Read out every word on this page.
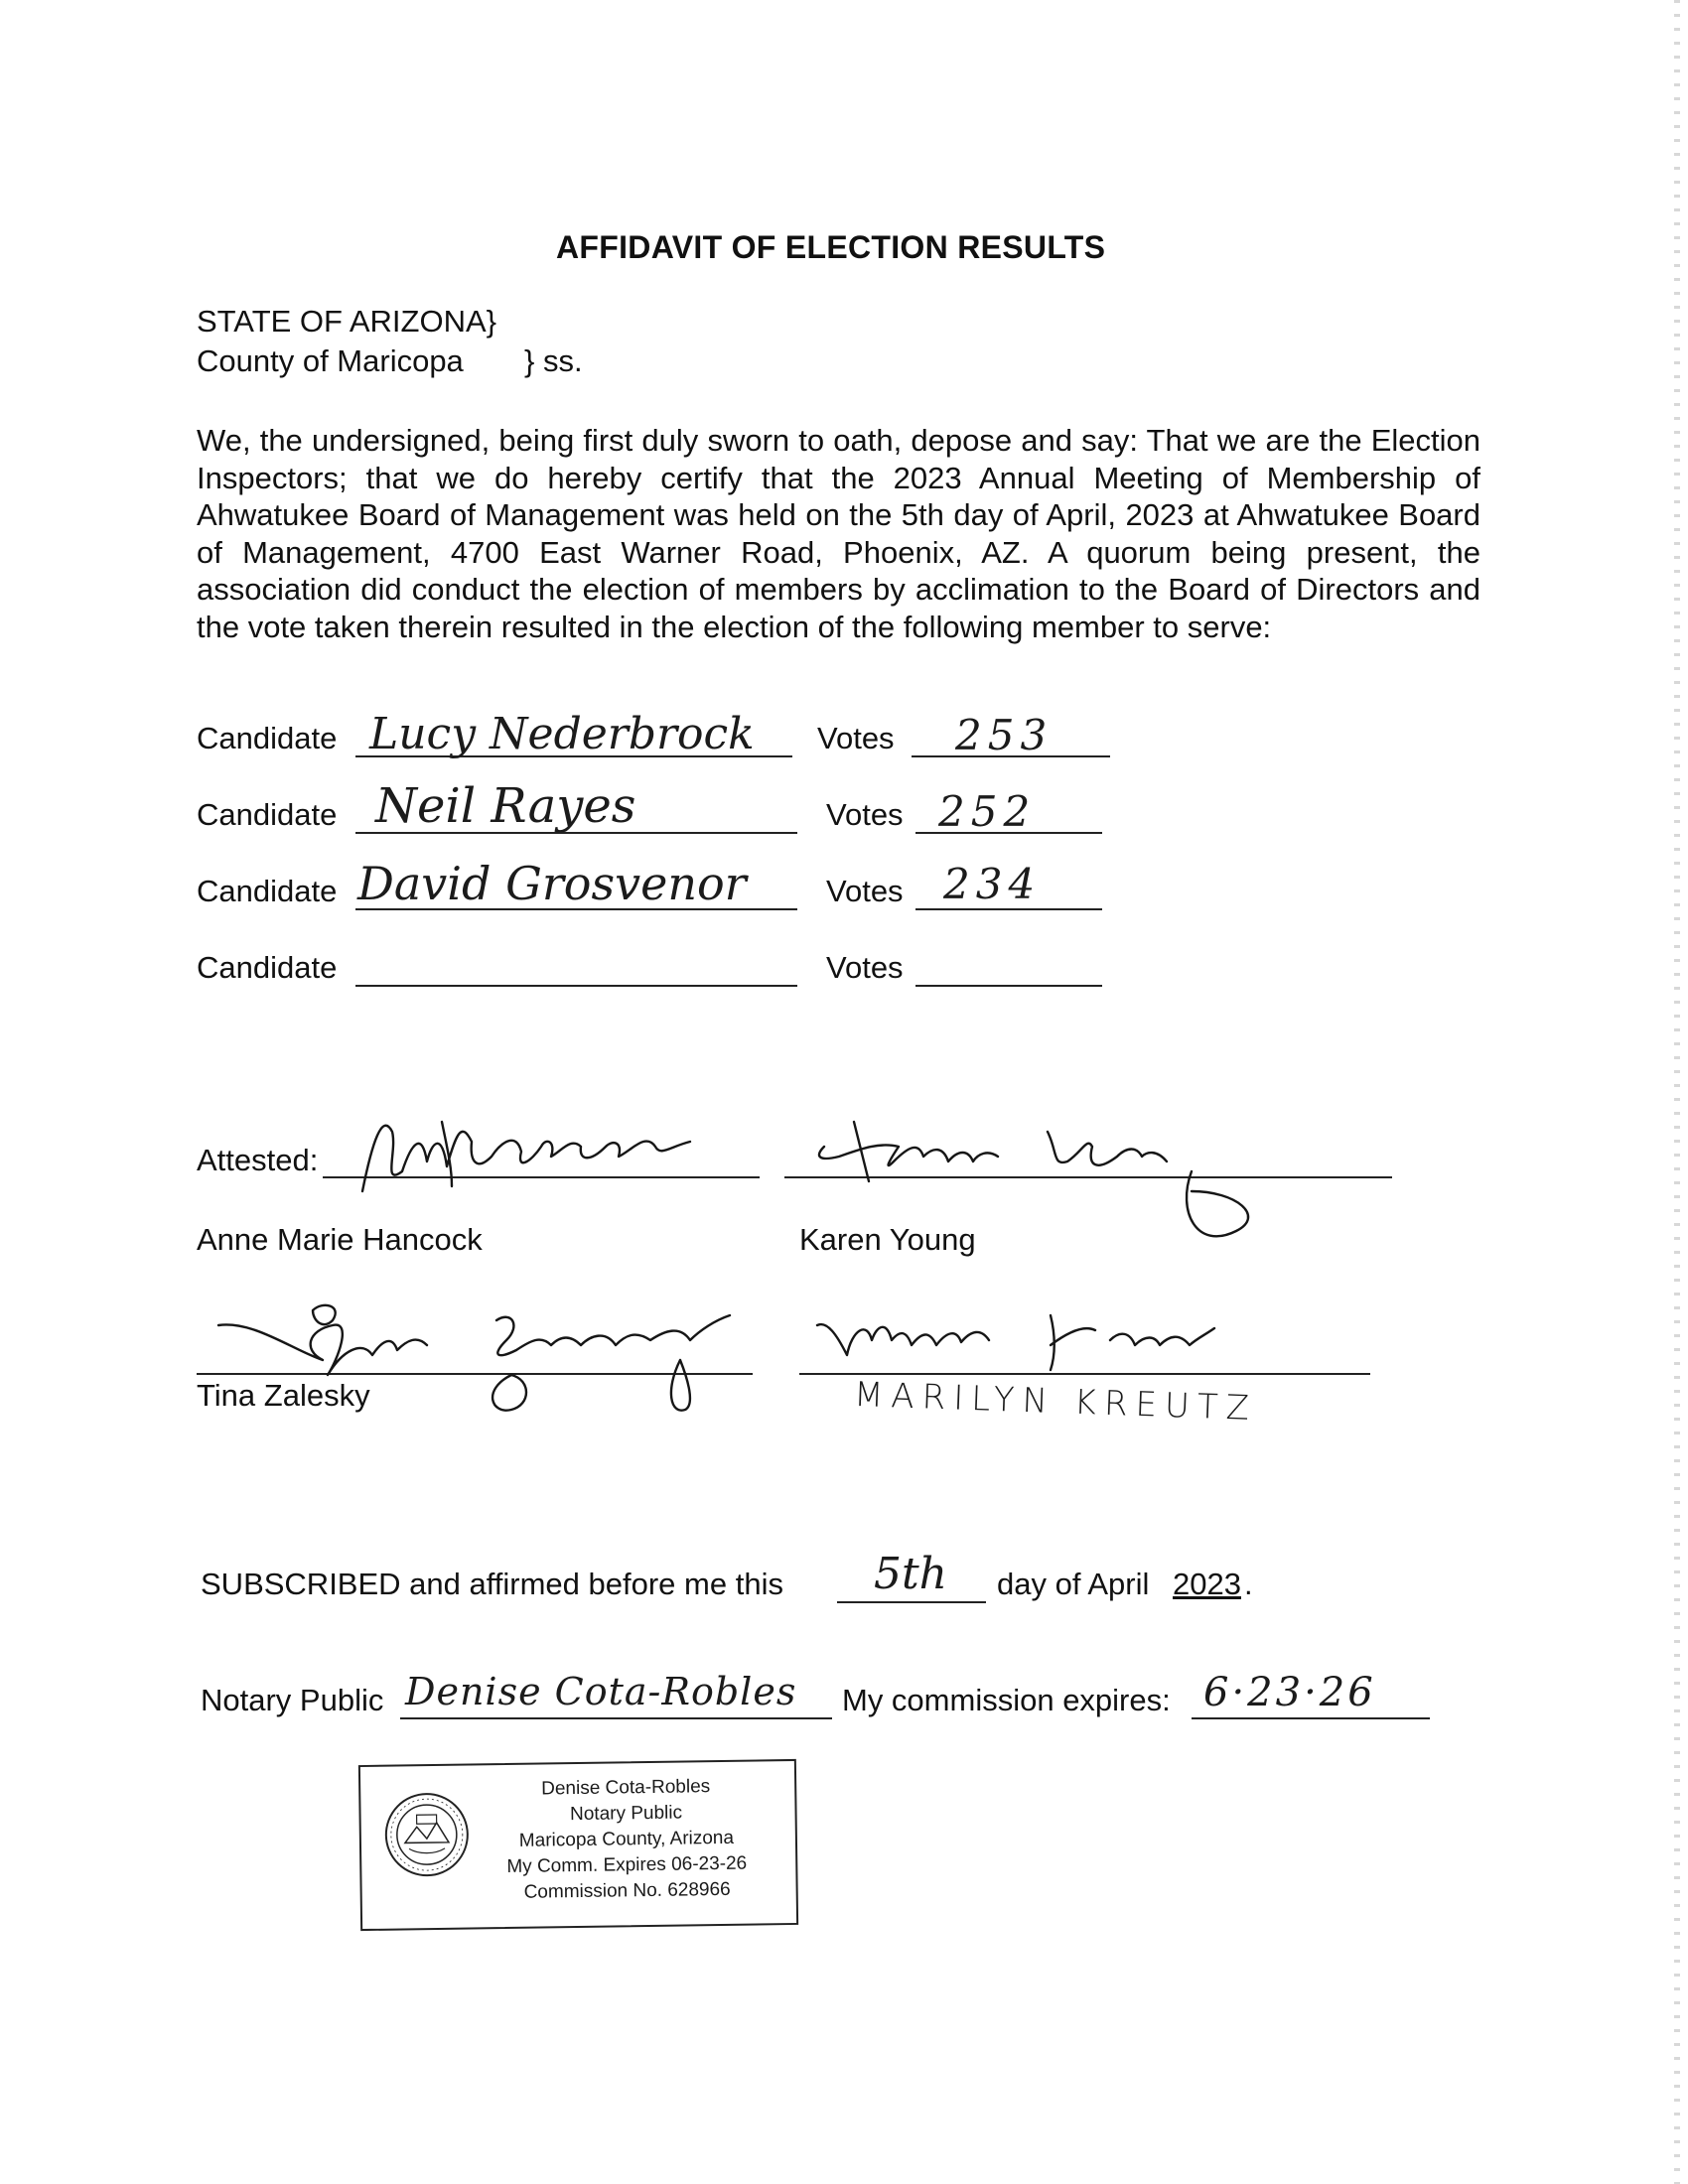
AFFIDAVIT OF ELECTION RESULTS
STATE OF ARIZONA}
County of Maricopa } ss.
We, the undersigned, being first duly sworn to oath, depose and say: That we are the Election Inspectors; that we do hereby certify that the 2023 Annual Meeting of Membership of Ahwatukee Board of Management was held on the 5th day of April, 2023 at Ahwatukee Board of Management, 4700 East Warner Road, Phoenix, AZ. A quorum being present, the association did conduct the election of members by acclimation to the Board of Directors and the vote taken therein resulted in the election of the following member to serve:
Candidate Lucy Nederbrock Votes 253
Candidate Neil Rayes	Votes 252
Candidate David Grosvenor	Votes 234
Candidate	Votes
Attested:
Anne Marie Hancock	Karen Young
Tina Zalesky	MARILYN KREUTZ
SUBSCRIBED and affirmed before me this 5th day of April 2023 .
Notary Public Denise Cota-Robles My commission expires: 6·23·26
Denise Cota-Robles
Notary Public
Maricopa County, Arizona
My Comm. Expires 06-23-26
Commission No. 628966
